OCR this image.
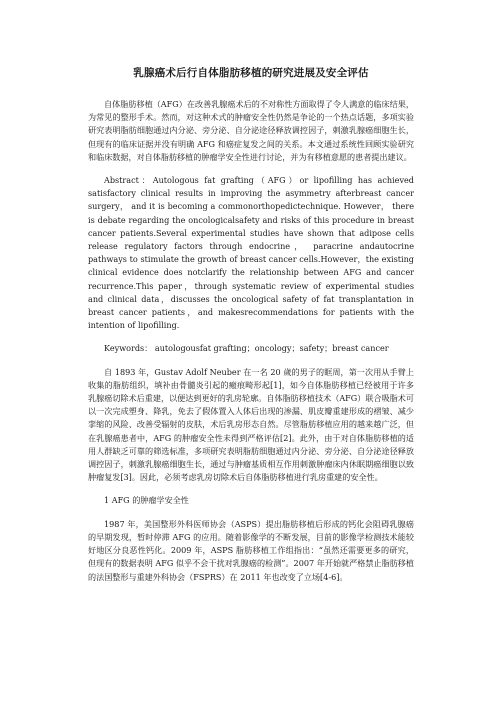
乳腺癌术后行自体脂肪移植的研究进展及安全评估

自体脂肪移植（AFG）在改善乳腺癌术后的不对称性方面取得了令人满意的临床结果，为常见的整形手术。然而，对这种术式的肿瘤安全性仍然是争论的一个热点话题，多项实验研究表明脂肪细胞通过内分泌、旁分泌、自分泌途径释放调控因子，刺激乳腺癌细胞生长，但现有的临床证据并没有明确 AFG 和癌症复发之间的关系。本文通过系统性回顾实验研究和临床数据，对自体脂肪移植的肿瘤学安全性进行讨论，并为有移植意愿的患者提出建议。

Abstract：Autologous fat grafting（AFG）or lipofilling has achieved satisfactory clinical results in improving the asymmetry afterbreast cancer surgery， and it is becoming a commonorthopedictechnique. However， there is debate regarding the oncologicalsafety and risks of this procedure in breast cancer patients.Several experimental studies have shown that adipose cells release regulatory factors through endocrine， paracrine andautocrine pathways to stimulate the growth of breast cancer cells.However，the existing clinical evidence does notclarify the relationship between AFG and cancer recurrence.This paper，through systematic review of experimental studies and clinical data，discusses the oncological safety of fat transplantation in breast cancer patients，and makesrecommendations for patients with the intention of lipofilling.

Keywords： autologousfat grafting；oncology；safety；breast cancer

自 1893 年，Gustav Adolf Neuber 在一名 20 歲的男子的眶周，第一次用从手臂上收集的脂肪组织，填补由骨髓炎引起的瘢痕畸形起[1]，如今自体脂肪移植已经被用于许多乳腺癌切除术后重建，以便达到更好的乳房轮廓。自体脂肪移植技术（AFG）联合吸脂术可以一次完成塑身、降乳，免去了假体置入人体后出现的渗漏、肌皮瓣重建形成的褶皱、减少挛缩的风险、改善受辐射的皮肤，术后乳房形态自然。尽管脂肪移植应用的越来越广泛，但在乳腺癌患者中，AFG 的肿瘤安全性未得到严格评估[2]。此外，由于对自体脂肪移植的适用人群缺乏可靠的筛选标准，多项研究表明脂肪细胞通过内分泌、旁分泌、自分泌途径释放调控因子，刺激乳腺癌细胞生长，通过与肿瘤基质相互作用刺激肿瘤床内休眠期癌细胞以致肿瘤复发[3]。因此，必须考虑乳房切除术后自体脂肪移植进行乳房重建的安全性。

1 AFG 的肿瘤学安全性

1987 年，美国整形外科医师协会（ASPS）提出脂肪移植后形成的钙化会阻碍乳腺癌的早期发现，暂时停滞 AFG 的应用。随着影像学的不断发展，目前的影像学检测技术能较好地区分良恶性钙化。2009 年，ASPS 脂肪移植工作组指出：“虽然还需要更多的研究，但现有的数据表明 AFG 似乎不会干扰对乳腺癌的检测”。2007 年开始就严格禁止脂肪移植的法国整形与重建外科协会（FSPRS）在 2011 年也改变了立场[4-6]。
